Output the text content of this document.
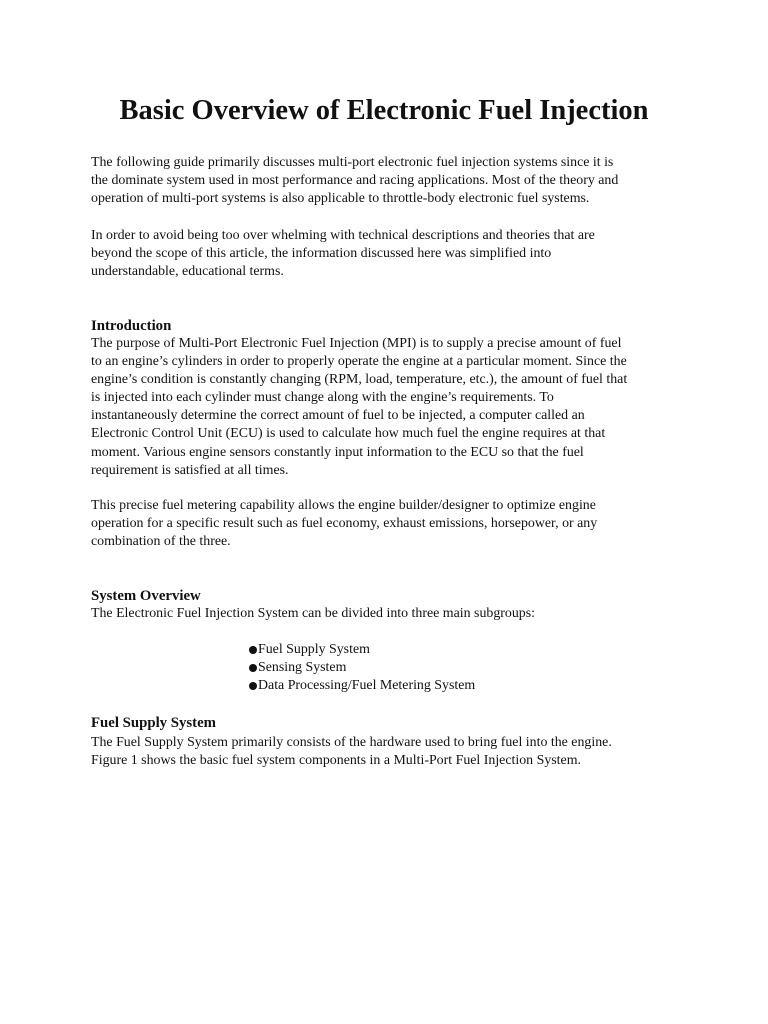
Basic Overview of Electronic Fuel Injection
The following guide primarily discusses multi-port electronic fuel injection systems since it is
the dominate system used in most performance and racing applications. Most of the theory and
operation of multi-port systems is also applicable to throttle-body electronic fuel systems.
In order to avoid being too over whelming with technical descriptions and theories that are
beyond the scope of this article, the information discussed here was simplified into
understandable, educational terms.
Introduction
The purpose of Multi-Port Electronic Fuel Injection (MPI) is to supply a precise amount of fuel
to an engine’s cylinders in order to properly operate the engine at a particular moment. Since the
engine’s condition is constantly changing (RPM, load, temperature, etc.), the amount of fuel that
is injected into each cylinder must change along with the engine’s requirements. To
instantaneously determine the correct amount of fuel to be injected, a computer called an
Electronic Control Unit (ECU) is used to calculate how much fuel the engine requires at that
moment. Various engine sensors constantly input information to the ECU so that the fuel
requirement is satisfied at all times.
This precise fuel metering capability allows the engine builder/designer to optimize engine
operation for a specific result such as fuel economy, exhaust emissions, horsepower, or any
combination of the three.
System Overview
The Electronic Fuel Injection System can be divided into three main subgroups:
Fuel Supply System
Sensing System
Data Processing/Fuel Metering System
Fuel Supply System
The Fuel Supply System primarily consists of the hardware used to bring fuel into the engine.
Figure 1 shows the basic fuel system components in a Multi-Port Fuel Injection System.
